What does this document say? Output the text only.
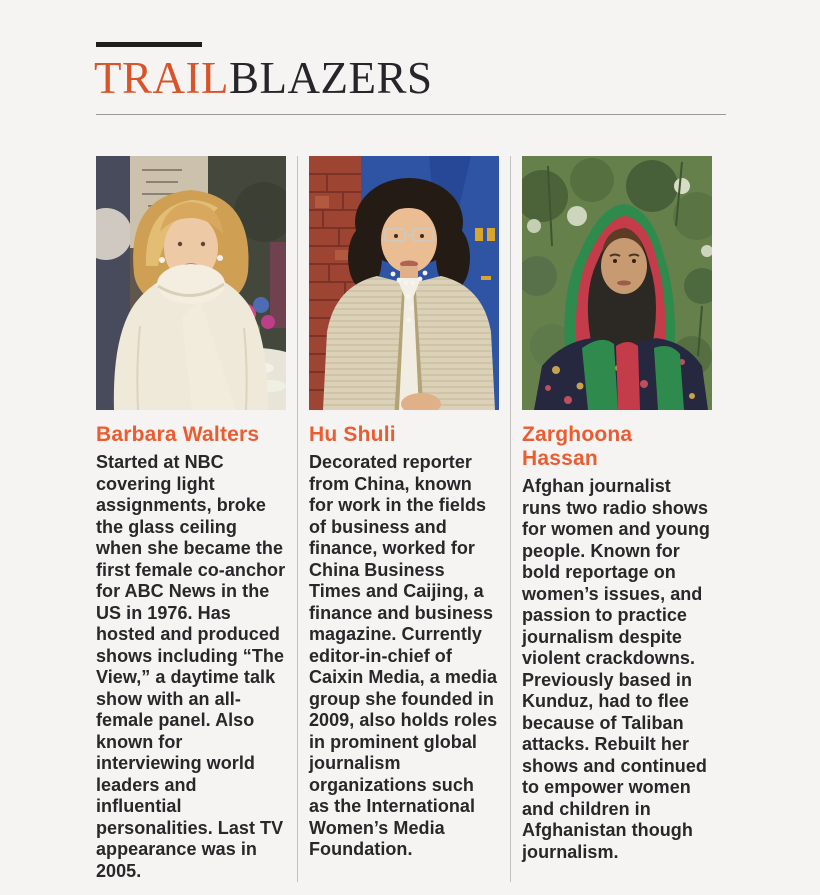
TRAILBLAZERS
Barbara Walters

Started at NBC covering light assignments, broke the glass ceiling when she became the first female co-anchor for ABC News in the US in 1976. Has hosted and produced shows including “The View,” a daytime talk show with an all-female panel. Also known for interviewing world leaders and influential personalities. Last TV appearance was in 2005.

Hu Shuli

Decorated reporter from China, known for work in the fields of business and finance, worked for China Business Times and Caijing, a finance and business magazine. Currently editor-in-chief of Caixin Media, a media group she founded in 2009, also holds roles in prominent global journalism organizations such as the International Women’s Media Foundation.

Zarghoona Hassan

Afghan journalist runs two radio shows for women and young people. Known for bold reportage on women’s issues, and passion to practice journalism despite violent crackdowns. Previously based in Kunduz, had to flee because of Taliban attacks. Rebuilt her shows and continued to empower women and children in Afghanistan though journalism.
